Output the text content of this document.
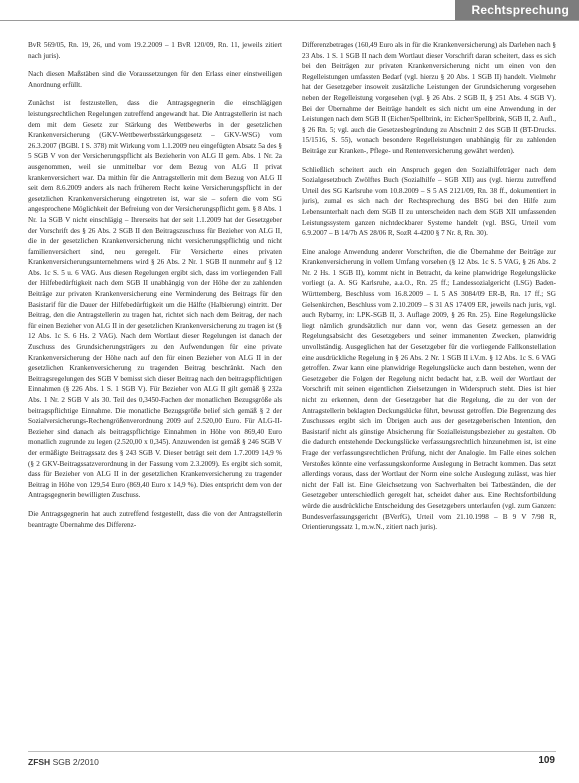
Rechtsprechung

BvR 569/05, Rn. 19, 26, und vom 19.2.2009 – 1 BvR 120/09, Rn. 11, jeweils zitiert nach juris).

Nach diesen Maßstäben sind die Voraussetzungen für den Erlass einer einstweiligen Anordnung erfüllt.

Zunächst ist festzustellen, dass die Antragsgegnerin die einschlägigen leistungsrechtlichen Regelungen zutreffend angewandt hat. Die Antragstellerin ist nach dem mit dem Gesetz zur Stärkung des Wettbewerbs in der gesetzlichen Krankenversicherung (GKV-Wettbewerbsstärkungsgesetz – GKV-WSG) vom 26.3.2007 (BGBl. I S. 378) mit Wirkung vom 1.1.2009 neu eingefügten Absatz 5a des § 5 SGB V von der Versicherungspflicht als Bezieherin von ALG II gem. Abs. 1 Nr. 2a ausgenommen, weil sie unmittelbar vor dem Bezug von ALG II privat krankenversichert war. Da mithin für die Antragstellerin mit dem Bezug von ALG II seit dem 8.6.2009 anders als nach früherem Recht keine Versicherungspflicht in der gesetzlichen Krankenversicherung eingetreten ist, war sie – sofern die vom SG angesprochene Möglichkeit der Befreiung von der Versicherungspflicht gem. § 8 Abs. 1 Nr. 1a SGB V nicht einschlägig – Ihrerseits hat der seit 1.1.2009 hat der Gesetzgeber der Vorschrift des § 26 Abs. 2 SGB II den Beitragszuschuss für Bezieher von ALG II, die in der gesetzlichen Krankenversicherung nicht versicherungspflichtig und nicht familienversichert sind, neu geregelt. Für Versicherte eines privaten Krankenversicherungsunternehmens wird § 26 Abs. 2 Nr. 1 SGB II nunmehr auf § 12 Abs. 1c S. 5 u. 6 VAG. Aus diesen Regelungen ergibt sich, dass im vorliegenden Fall der Hilfebedürftigkeit nach dem SGB II unabhängig von der Höhe der zu zahlenden Beiträge zur privaten Krankenversicherung eine Verminderung des Beitrags für den Basistarif für die Dauer der Hilfebedürftigkeit um die Hälfte (Halbierung) eintritt. Der Beitrag, den die Antragstellerin zu tragen hat, richtet sich nach dem Beitrag, der nach für einen Bezieher von ALG II in der gesetzlichen Krankenversicherung zu tragen ist (§ 12 Abs. 1c S. 6 Hs. 2 VAG). Nach dem Wortlaut dieser Regelungen ist danach der Zuschuss des Grundsicherungsträgers zu den Aufwendungen für eine private Krankenversicherung der Höhe nach auf den für einen Bezieher von ALG II in der gesetzlichen Krankenversicherung zu tragenden Beitrag beschränkt. Nach den Beitragsregelungen des SGB V bemisst sich dieser Beitrag nach den beitragspflichtigen Einnahmen (§ 226 Abs. 1 S. 1 SGB V). Für Bezieher von ALG II gilt gemäß § 232a Abs. 1 Nr. 2 SGB V als 30. Teil des 0,3450-Fachen der monatlichen Bezugsgröße als beitragspflichtige Einnahme. Die monatliche Bezugsgröße belief sich gemäß § 2 der Sozialversicherungs-Rechengrößenverordnung 2009 auf 2.520,00 Euro. Für ALG-II-Bezieher sind danach als beitragspflichtige Einnahmen in Höhe von 869,40 Euro monatlich zugrunde zu legen (2.520,00 x 0,345). Anzuwenden ist gemäß § 246 SGB V der ermäßigte Beitragssatz des § 243 SGB V. Dieser beträgt seit dem 1.7.2009 14,9 % (§ 2 GKV-Beitragssatzverordnung in der Fassung vom 2.3.2009). Es ergibt sich somit, dass für Bezieher von ALG II in der gesetzlichen Krankenversicherung zu tragender Beitrag in Höhe von 129,54 Euro (869,40 Euro x 14,9 %). Dies entspricht dem von der Antragsgegnerin bewilligten Zuschuss.

Die Antragsgegnerin hat auch zutreffend festgestellt, dass die von der Antragstellerin beantragte Übernahme des Differenz-

Differenzbetrages (160,49 Euro als in für die Krankenversicherung) als Darlehen nach § 23 Abs. 1 S. 1 SGB II nach dem Wortlaut dieser Vorschrift daran scheitert, dass es sich bei den Beiträgen zur privaten Krankenversicherung nicht um einen von den Regelleistungen umfassten Bedarf (vgl. hierzu § 20 Abs. 1 SGB II) handelt. Vielmehr hat der Gesetzgeber insoweit zusätzliche Leistungen der Grundsicherung vorgesehen neben der Regelleistung vorgesehen (vgl. § 26 Abs. 2 SGB II, § 251 Abs. 4 SGB V). Bei der Übernahme der Beiträge handelt es sich nicht um eine Anwendung in der Leistungen nach dem SGB II (Eicher/Spellbrink, in: Eicher/Spellbrink, SGB II, 2. Aufl., § 26 Rn. 5; vgl. auch die Gesetzesbegründung zu Abschnitt 2 des SGB II (BT-Drucks. 15/1516, S. 55), wonach besondere Regelleistungen unabhängig für zu zahlenden Beiträge zur Kranken-, Pflege- und Rentenversicherung gewährt werden).

Schließlich scheitert auch ein Anspruch gegen den Sozialhilfeträger nach dem Sozialgesetzbuch Zwölftes Buch (Sozialhilfe – SGB XII) aus (vgl. hierzu zutreffend Urteil des SG Karlsruhe vom 10.8.2009 – S 5 AS 2121/09, Rn. 38 ff., dokumentiert in juris), zumal es sich nach der Rechtsprechung des BSG bei den Hilfe zum Lebensunterhalt nach dem SGB II zu unterscheiden nach dem SGB XII umfassenden Leistungssystem ganzen nichtdeckbarer Systeme handelt (vgl. BSG, Urteil vom 6.9.2007 – B 14/7b AS 28/06 R, SozR 4-4200 § 7 Nr. 8, Rn. 30).

Eine analoge Anwendung anderer Vorschriften, die die Übernahme der Beiträge zur Krankenversicherung in vollem Umfang vorsehen (§ 12 Abs. 1c S. 5 VAG, § 26 Abs. 2 Nr. 2 Hs. 1 SGB II), kommt nicht in Betracht, da keine planwidrige Regelungslücke vorliegt (a. A. SG Karlsruhe, a.a.O., Rn. 25 ff.; Landessozialgericht (LSG) Baden-Württemberg, Beschluss vom 16.8.2009 – L 5 AS 3084/09 ER-B, Rn. 17 ff.; SG Gelsenkirchen, Beschluss vom 2.10.2009 – S 31 AS 174/09 ER, jeweils nach juris, vgl. auch Rybarny, in: LPK-SGB II, 3. Auflage 2009, § 26 Rn. 25). Eine Regelungslücke liegt nämlich grundsätzlich nur dann vor, wenn das Gesetz gemessen an der Regelungsabsicht des Gesetzgebers und seiner immanenten Zwecken, planwidrig unvollständig. Ausgeglichen hat der Gesetzgeber für die vorliegende Fallkonstellation eine ausdrückliche Regelung in § 26 Abs. 2 Nr. 1 SGB II i.V.m. § 12 Abs. 1c S. 6 VAG getroffen. Zwar kann eine planwidrige Regelungslücke auch dann bestehen, wenn der Gesetzgeber die Folgen der Regelung nicht bedacht hat, z.B. weil der Wortlaut der Vorschrift mit seinen eigentlichen Zielsetzungen in Widerspruch steht. Dies ist hier nicht zu erkennen, denn der Gesetzgeber hat die Regelung, die zu der von der Antragstellerin beklagten Deckungslücke führt, bewusst getroffen. Die Begrenzung des Zuschusses ergibt sich im Übrigen auch aus der gesetzgeberischen Intention, den Basistarif nicht als günstige Absicherung für Sozialleistungsbezieher zu gestalten. Ob die dadurch entstehende Deckungslücke verfassungsrechtlich hinzunehmen ist, ist eine Frage der verfassungsrechtlichen Prüfung, nicht der Analogie. Im Falle eines solchen Verstoßes könnte eine verfassungskonforme Auslegung in Betracht kommen. Das setzt allerdings voraus, dass der Wortlaut der Norm eine solche Auslegung zulässt, was hier nicht der Fall ist. Eine Gleichsetzung von Sachverhalten bei Tatbeständen, die der Gesetzgeber unterschiedlich geregelt hat, scheidet daher aus. Eine Rechtsfortbildung würde die ausdrückliche Entscheidung des Gesetzgebers unterlaufen (vgl. zum Ganzen: Bundesverfassungsgericht (BVerfG), Urteil vom 21.10.1998 – B 9 V 7/98 R, Orientierungssatz 1, m.w.N., zitiert nach juris).

ZFSH SGB 2/2010	109
